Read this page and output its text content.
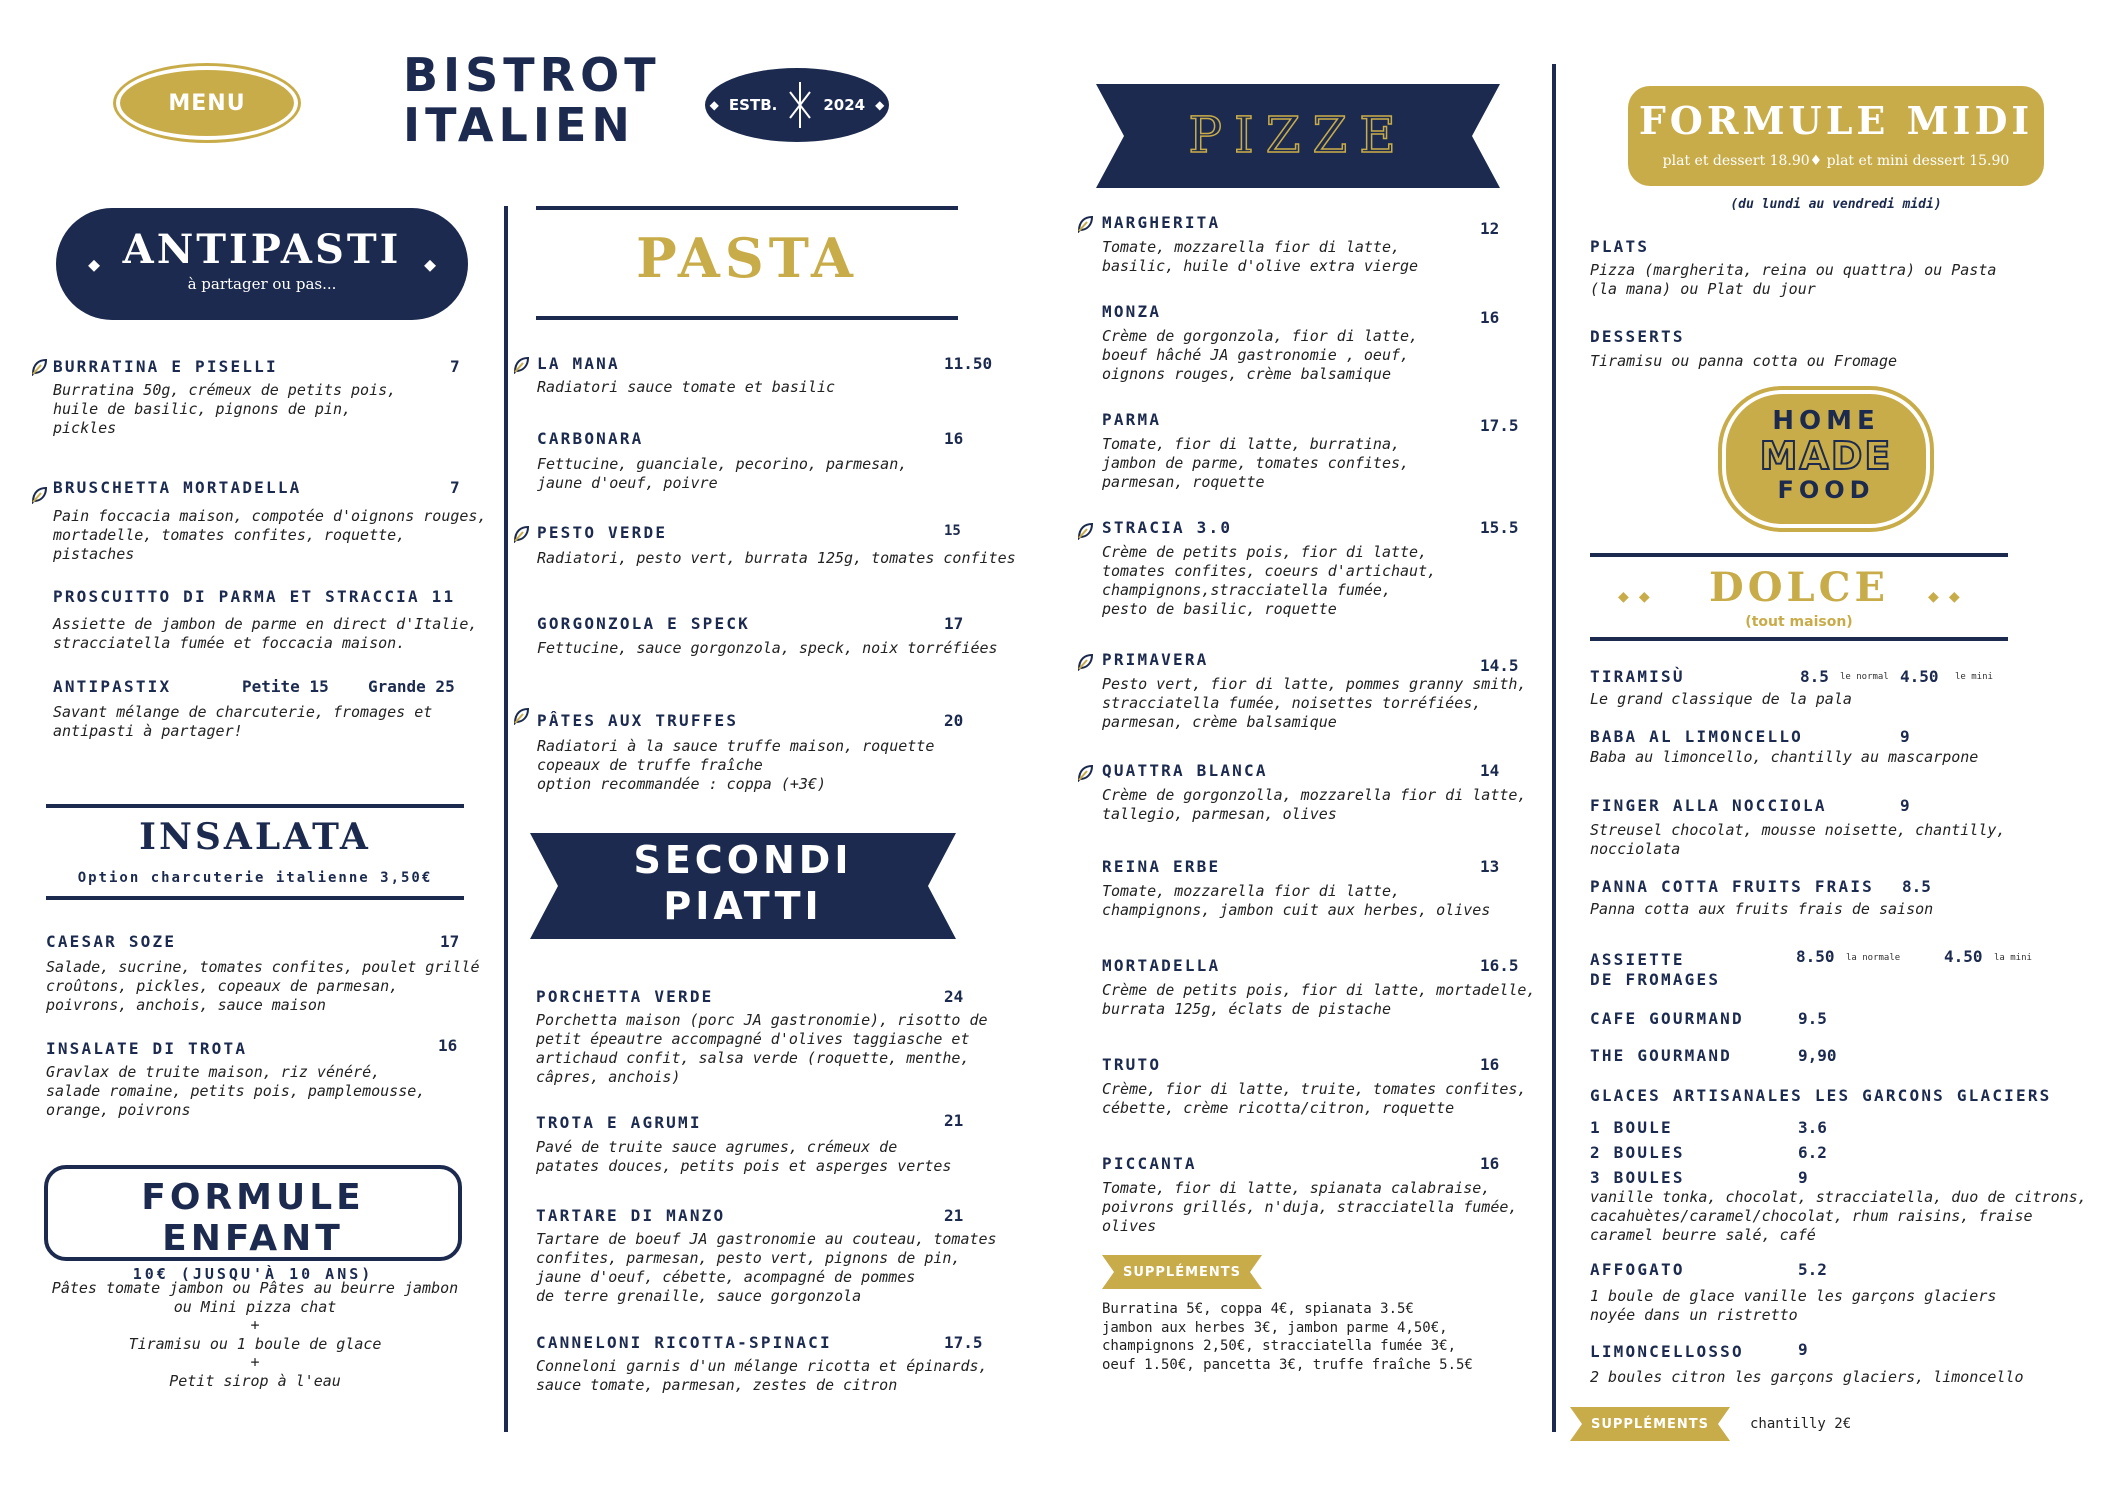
MENU
BISTROT
ITALIEN	◆ ESTB.	2024 ◆
◆	◆
ANTIPASTI
à partager ou pas...
BURRATINA E PISELLI	7
Burratina 50g, crémeux de petits pois,
huile de basilic, pignons de pin,
pickles
BRUSCHETTA MORTADELLA	7
Pain foccacia maison, compotée d'oignons rouges,
mortadelle, tomates confites, roquette,
pistaches
PROSCUITTO DI PARMA ET STRACCIA 11
Assiette de jambon de parme en direct d'Italie,
stracciatella fumée et foccacia maison.
ANTIPASTIX	Petite 15 Grande 25
Savant mélange de charcuterie, fromages et
antipasti à partager!
INSALATA
Option charcuterie italienne 3,50€
CAESAR SOZE	17
Salade, sucrine, tomates confites, poulet grillé
croûtons, pickles, copeaux de parmesan,
poivrons, anchois, sauce maison
INSALATE DI TROTA	16
Gravlax de truite maison, riz vénéré,
salade romaine, petits pois, pamplemousse,
orange, poivrons
FORMULE ENFANT
10€ (JUSQU'À 10 ANS)
Pâtes tomate jambon ou Pâtes au beurre jambon
ou Mini pizza chat
+
Tiramisu ou 1 boule de glace
+
Petit sirop à l'eau
PASTA
LA MANA	11.50
Radiatori sauce tomate et basilic
CARBONARA	16
Fettucine, guanciale, pecorino, parmesan,
jaune d'oeuf, poivre
PESTO VERDE	15
Radiatori, pesto vert, burrata 125g, tomates confites
GORGONZOLA E SPECK	17
Fettucine, sauce gorgonzola, speck, noix torréfiées
PÂTES AUX TRUFFES	20
Radiatori à la sauce truffe maison, roquette
copeaux de truffe fraîche
option recommandée : coppa (+3€)
SECONDI
PIATTI
PORCHETTA VERDE	24
Porchetta maison (porc JA gastronomie), risotto de
petit épeautre accompagné d'olives taggiasche et
artichaud confit, salsa verde (roquette, menthe,
câpres, anchois)
TROTA E AGRUMI	21
Pavé de truite sauce agrumes, crémeux de
patates douces, petits pois et asperges vertes
TARTARE DI MANZO	21
Tartare de boeuf JA gastronomie au couteau, tomates
confites, parmesan, pesto vert, pignons de pin,
jaune d'oeuf, cébette, acompagné de pommes
de terre grenaille, sauce gorgonzola
CANNELONI RICOTTA-SPINACI	17.5
Conneloni garnis d'un mélange ricotta et épinards,
sauce tomate, parmesan, zestes de citron
PIZZE
MARGHERITA	12
Tomate, mozzarella fior di latte,
basilic, huile d'olive extra vierge
MONZA	16
Crème de gorgonzola, fior di latte,
boeuf hâché JA gastronomie , oeuf,
oignons rouges, crème balsamique
PARMA	17.5
Tomate, fior di latte, burratina,
jambon de parme, tomates confites,
parmesan, roquette
STRACIA 3.0	15.5
Crème de petits pois, fior di latte,
tomates confites, coeurs d'artichaut,
champignons,stracciatella fumée,
pesto de basilic, roquette
PRIMAVERA	14.5
Pesto vert, fior di latte, pommes granny smith,
stracciatella fumée, noisettes torréfiées,
parmesan, crème balsamique
QUATTRA BLANCA	14
Crème de gorgonzolla, mozzarella fior di latte,
tallegio, parmesan, olives
REINA ERBE	13
Tomate, mozzarella fior di latte,
champignons, jambon cuit aux herbes, olives
MORTADELLA	16.5
Crème de petits pois, fior di latte, mortadelle,
burrata 125g, éclats de pistache
TRUTO	16
Crème, fior di latte, truite, tomates confites,
cébette, crème ricotta/citron, roquette
PICCANTA	16
Tomate, fior di latte, spianata calabraise,
poivrons grillés, n'duja, stracciatella fumée,
olives
SUPPLÉMENTS
Burratina 5€, coppa 4€, spianata 3.5€
jambon aux herbes 3€, jambon parme 4,50€,
champignons 2,50€, stracciatella fumée 3€,
oeuf 1.50€, pancetta 3€, truffe fraîche 5.5€
FORMULE MIDI
plat et dessert 18.90♦ plat et mini dessert 15.90
(du lundi au vendredi midi)
PLATS
Pizza (margherita, reina ou quattra) ou Pasta
(la mana) ou Plat du jour
DESSERTS
Tiramisu ou panna cotta ou Fromage
HOME
MADE
FOOD
◆◆	◆◆
DOLCE
(tout maison)
TIRAMISÙ	8.5 le normal 4.50 le mini
Le grand classique de la pala
BABA AL LIMONCELLO	9
Baba au limoncello, chantilly au mascarpone
FINGER ALLA NOCCIOLA	9
Streusel chocolat, mousse noisette, chantilly,
nocciolata
PANNA COTTA FRUITS FRAIS 8.5
Panna cotta aux fruits frais de saison
ASSIETTE
DE FROMAGES
8.50 la normale	4.50 la mini
CAFE GOURMAND	9.5
THE GOURMAND	9,90
GLACES ARTISANALES LES GARCONS GLACIERS
1 BOULE	3.6
2 BOULES	6.2
3 BOULES	9
vanille tonka, chocolat, stracciatella, duo de citrons,
cacahuètes/caramel/chocolat, rhum raisins, fraise
caramel beurre salé, café
AFFOGATO	5.2
1 boule de glace vanille les garçons glaciers
noyée dans un ristretto
LIMONCELLOSSO	9
2 boules citron les garçons glaciers, limoncello
SUPPLÉMENTS	chantilly 2€
